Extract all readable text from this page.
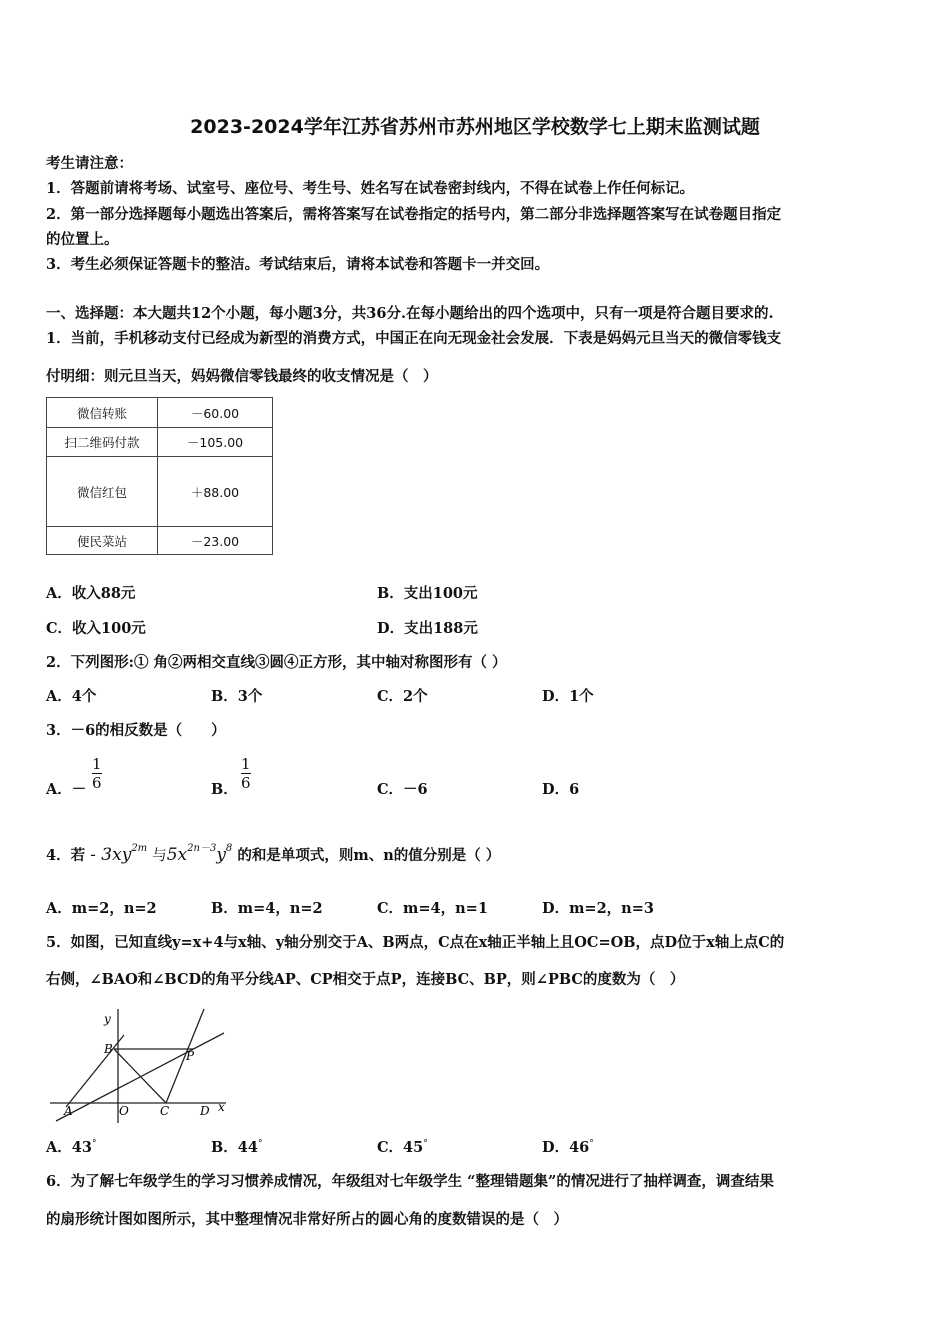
2023-2024学年江苏省苏州市苏州地区学校数学七上期末监测试题
考生请注意：
1．答题前请将考场、试室号、座位号、考生号、姓名写在试卷密封线内，不得在试卷上作任何标记。
2．第一部分选择题每小题选出答案后，需将答案写在试卷指定的括号内，第二部分非选择题答案写在试卷题目指定
的位置上。
3．考生必须保证答题卡的整洁。考试结束后，请将本试卷和答题卡一并交回。
一、选择题：本大题共12个小题，每小题3分，共36分.在每小题给出的四个选项中，只有一项是符合题目要求的.
1．当前，手机移动支付已经成为新型的消费方式，中国正在向无现金社会发展．下表是妈妈元旦当天的微信零钱支
付明细：则元旦当天，妈妈微信零钱最终的收支情况是（　）
微信转账	－60.00
扫二维码付款	－105.00
微信红包	＋88.00
便民菜站	－23.00
A．收入88元	B．支出100元
C．收入100元	D．支出188元
2．下列图形:① 角②两相交直线③圆④正方形，其中轴对称图形有（ ）
A．4个	B．3个	C．2个	D．1个
3．－6的相反数是（　　）
A．－ $\frac{1}{6}$	B． $\frac{1}{6}$	C．－6	D．6
4．若 - $3xy^{2m}$ 与$5x^{2n-3}y^8$ 的和是单项式，则m、n的值分别是（ ）
A．m=2，n=2	B．m=4，n=2	C．m=4，n=1	D．m=2，n=3
5．如图，已知直线y=x+4与x轴、y轴分别交于A、B两点，C点在x轴正半轴上且OC=OB，点D位于x轴上点C的
右侧，∠BAO和∠BCD的角平分线AP、CP相交于点P，连接BC、BP，则∠PBC的度数为（　）
y
x
A	O
B
C	D
P
A．43°	B．44°	C．45°	D．46°
6．为了解七年级学生的学习习惯养成情况，年级组对七年级学生 “整理错题集”的情况进行了抽样调查，调查结果
的扇形统计图如图所示，其中整理情况非常好所占的圆心角的度数错误的是（　）
